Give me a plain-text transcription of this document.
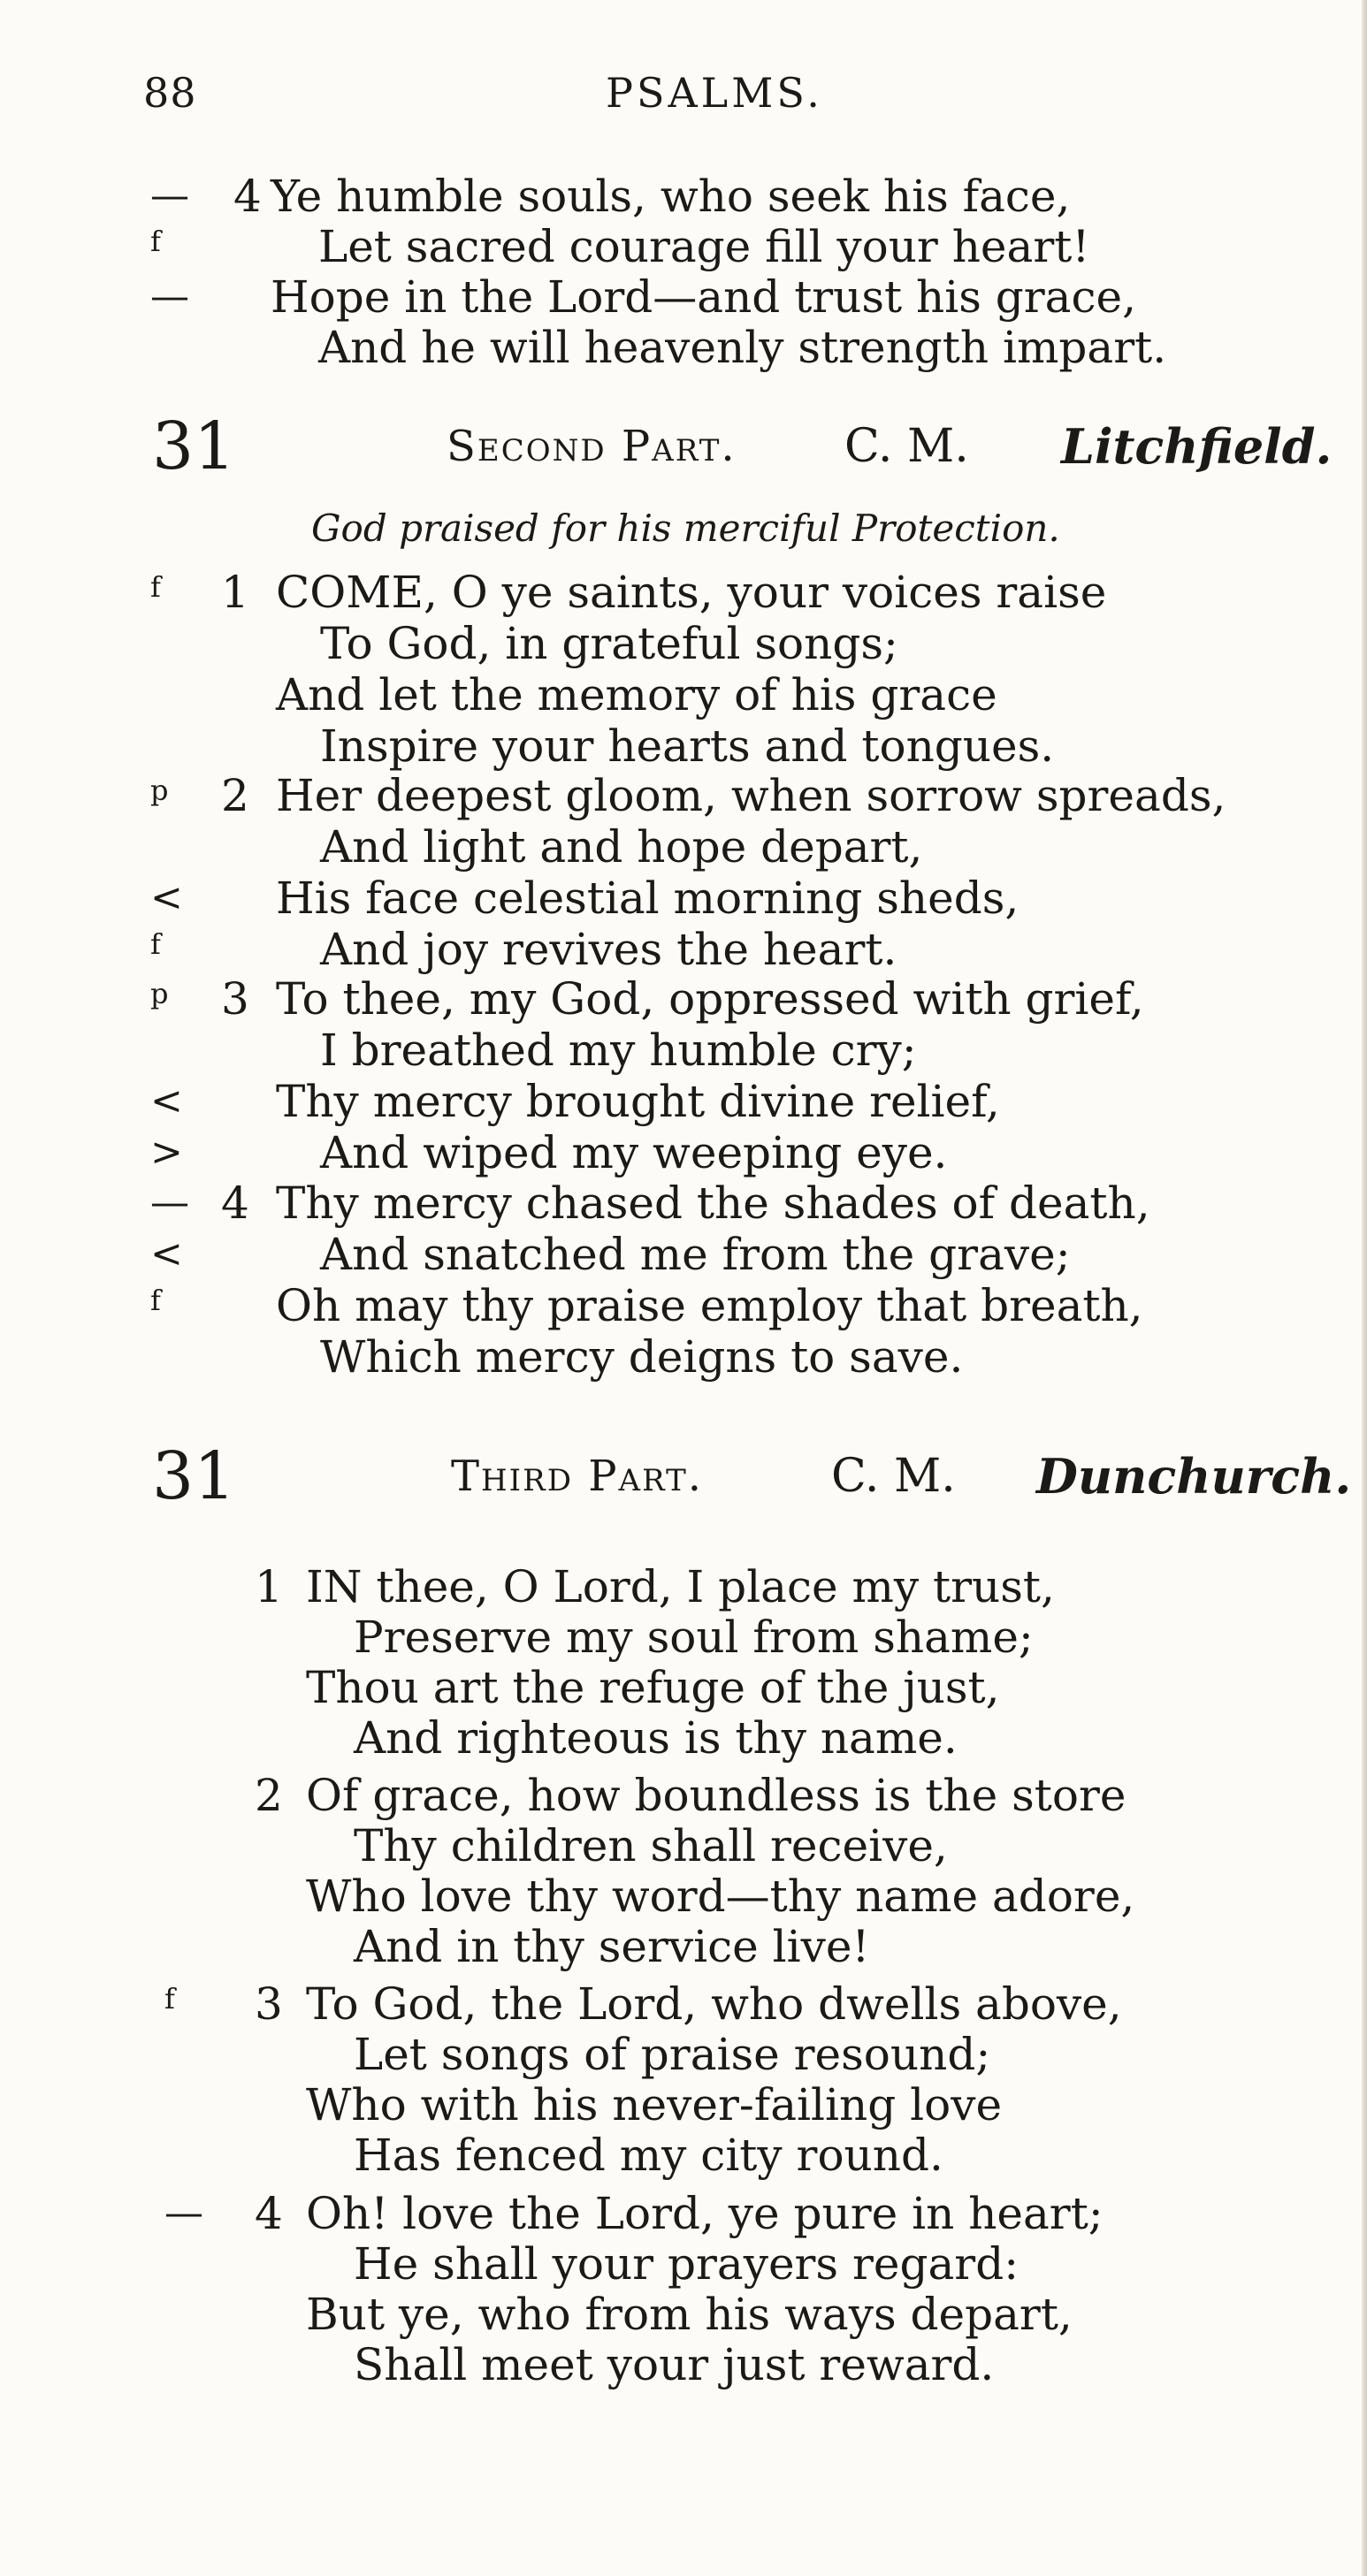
88	PSALMS.
— 4 Ye humble souls, who seek his face,
f	Let sacred courage fill your heart!
— Hope in the Lord—and trust his grace,
And he will heavenly strength impart.
31	Second Part. C. M. Litchfield.
God praised for his merciful Protection.
f 1 COME, O ye saints, your voices raise
To God, in grateful songs;
And let the memory of his grace
Inspire your hearts and tongues.
p 2 Her deepest gloom, when sorrow spreads,
And light and hope depart,
< His face celestial morning sheds,
f	And joy revives the heart.
p 3 To thee, my God, oppressed with grief,
I breathed my humble cry;
< Thy mercy brought divine relief,
>	And wiped my weeping eye.
— 4 Thy mercy chased the shades of death,
<	And snatched me from the grave;
f	Oh may thy praise employ that breath,
Which mercy deigns to save.
31	Third Part.	C. M. Dunchurch.
1 IN thee, O Lord, I place my trust,
Preserve my soul from shame;
Thou art the refuge of the just,
And righteous is thy name.
2 Of grace, how boundless is the store
Thy children shall receive,
Who love thy word—thy name adore,
And in thy service live!
f 3 To God, the Lord, who dwells above,
Let songs of praise resound;
Who with his never-failing love
Has fenced my city round.
— 4 Oh! love the Lord, ye pure in heart;
He shall your prayers regard:
But ye, who from his ways depart,
Shall meet your just reward.
